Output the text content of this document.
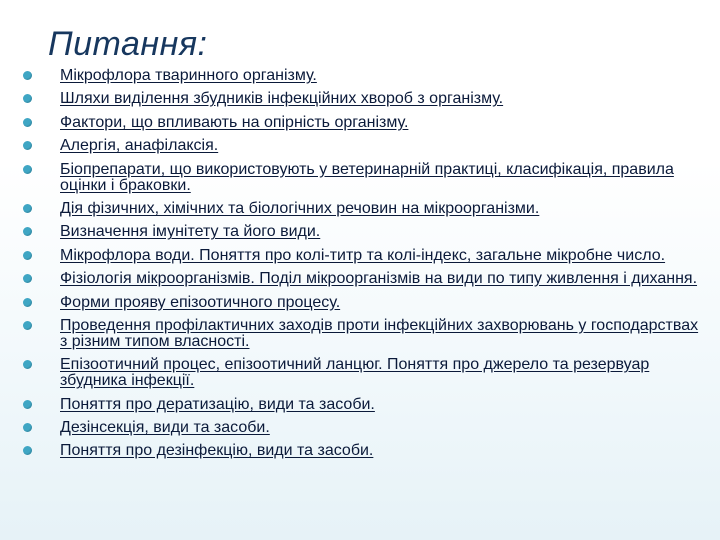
Питання:
Мікрофлора тваринного організму.
Шляхи виділення збудників інфекційних хвороб з організму.
Фактори, що впливають на опірність організму.
Алергія, анафілаксія.
Біопрепарати, що використовують у ветеринарній практиці, класифікація, правила оцінки і браковки.
Дія фізичних, хімічних та біологічних речовин на мікроорганізми.
Визначення імунітету та його види.
Мікрофлора води. Поняття про колі-титр та колі-індекс, загальне мікробне число.
Фізіологія мікроорганізмів. Поділ мікроорганізмів на види по типу живлення і дихання.
Форми прояву епізоотичного процесу.
Проведення профілактичних заходів проти інфекційних захворювань у господарствах з різним типом власності.
Епізоотичний процес, епізоотичний ланцюг. Поняття про джерело та резервуар збудника інфекції.
Поняття про дератизацію, види та засоби.
Дезінсекція, види та засоби.
Поняття про дезінфекцію, види та засоби.
